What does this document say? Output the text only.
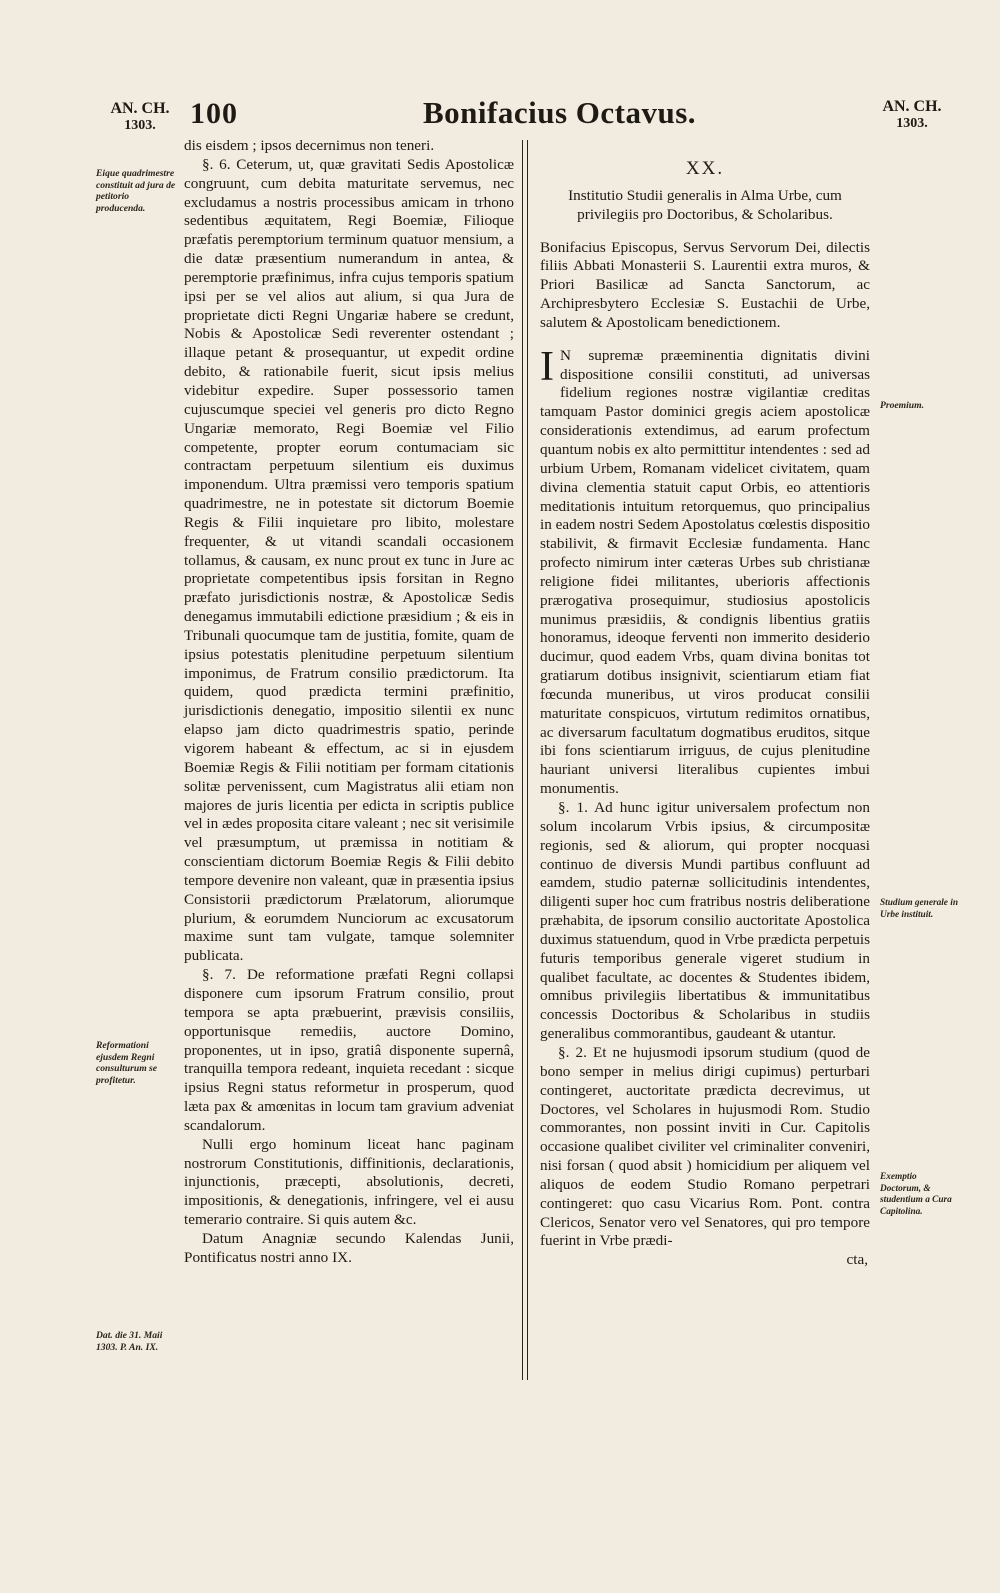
AN. CH.
1303.	100	Bonifacius Octavus.	AN. CH.
1303.
Eique quadrimestre constituit ad jura de petitorio producenda.
Reformationi ejusdem Regni consulturum se profitetur.
Dat. die 31. Maii 1303. P. An. IX.

dis eisdem ; ipsos decernimus non teneri.

§. 6. Ceterum, ut, quæ gravitati Sedis Apostolicæ congruunt, cum debita maturitate servemus, nec excludamus a nostris processibus amicam in trhono sedentibus æquitatem, Regi Boemiæ, Filioque præfatis peremptorium terminum quatuor mensium, a die datæ præsentium numerandum in antea, & peremptorie præfinimus, infra cujus temporis spatium ipsi per se vel alios aut alium, si qua Jura de proprietate dicti Regni Ungariæ habere se credunt, Nobis & Apostolicæ Sedi reverenter ostendant ; illaque petant & prosequantur, ut expedit ordine debito, & rationabile fuerit, sicut ipsis melius videbitur expedire. Super possessorio tamen cujuscumque speciei vel generis pro dicto Regno Ungariæ memorato, Regi Boemiæ vel Filio competente, propter eorum contumaciam sic contractam perpetuum silentium eis duximus imponendum. Ultra præmissi vero temporis spatium quadrimestre, ne in potestate sit dictorum Boemie Regis & Filii inquietare pro libito, molestare frequenter, & ut vitandi scandali occasionem tollamus, & causam, ex nunc prout ex tunc in Jure ac proprietate competentibus ipsis forsitan in Regno præfato jurisdictionis nostræ, & Apostolicæ Sedis denegamus immutabili edictione præsidium ; & eis in Tribunali quocumque tam de justitia, fomite, quam de ipsius potestatis plenitudine perpetuum silentium imponimus, de Fratrum consilio prædictorum. Ita quidem, quod prædicta termini præfinitio, jurisdictionis denegatio, impositio silentii ex nunc elapso jam dicto quadrimestris spatio, perinde vigorem habeant & effectum, ac si in ejusdem Boemiæ Regis & Filii notitiam per formam citationis solitæ pervenissent, cum Magistratus alii etiam non majores de juris licentia per edicta in scriptis publice vel in ædes proposita citare valeant ; nec sit verisimile vel præsumptum, ut præmissa in notitiam & conscientiam dictorum Boemiæ Regis & Filii debito tempore devenire non valeant, quæ in præsentia ipsius Consistorii prædictorum Prælatorum, aliorumque plurium, & eorumdem Nunciorum ac excusatorum maxime sunt tam vulgate, tamque solemniter publicata.

§. 7. De reformatione præfati Regni collapsi disponere cum ipsorum Fratrum consilio, prout tempora se apta præbuerint, prævisis consiliis, opportunisque remediis, auctore Domino, proponentes, ut in ipso, gratiâ disponente supernâ, tranquilla tempora redeant, inquieta recedant : sicque ipsius Regni status reformetur in prosperum, quod læta pax & amœnitas in locum tam gravium adveniat scandalorum.

Nulli ergo hominum liceat hanc paginam nostrorum Constitutionis, diffinitionis, declarationis, injunctionis, præcepti, absolutionis, decreti, impositionis, & denegationis, infringere, vel ei ausu temerario contraire. Si quis autem &c.

Datum Anagniæ secundo Kalendas Junii, Pontificatus nostri anno IX.

XX.
Institutio Studii generalis in Alma Urbe, cum privilegiis pro Doctoribus, & Scholaribus.

Bonifacius Episcopus, Servus Servorum Dei, dilectis filiis Abbati Monasterii S. Laurentii extra muros, & Priori Basilicæ ad Sancta Sanctorum, ac Archipresbytero Ecclesiæ S. Eustachii de Urbe, salutem & Apostolicam benedictionem.

I N supremæ præeminentia dignitatis divini dispositione consilii constituti, ad universas fidelium regiones nostræ vigilantiæ creditas tamquam Pastor dominici gregis aciem apostolicæ considerationis extendimus, ad earum profectum quantum nobis ex alto permittitur intendentes : sed ad urbium Urbem, Romanam videlicet civitatem, quam divina clementia statuit caput Orbis, eo attentioris meditationis intuitum retorquemus, quo principalius in eadem nostri Sedem Apostolatus cœlestis dispositio stabilivit, & firmavit Ecclesiæ fundamenta. Hanc profecto nimirum inter cæteras Urbes sub christianæ religione fidei militantes, uberioris affectionis prærogativa prosequimur, studiosius apostolicis munimus præsidiis, & condignis libentius gratiis honoramus, ideoque ferventi non immerito desiderio ducimur, quod eadem Vrbs, quam divina bonitas tot gratiarum dotibus insignivit, scientiarum etiam fiat fœcunda muneribus, ut viros producat consilii maturitate conspicuos, virtutum redimitos ornatibus, ac diversarum facultatum dogmatibus eruditos, sitque ibi fons scientiarum irriguus, de cujus plenitudine hauriant universi literalibus cupientes imbui monumentis.

§. 1. Ad hunc igitur universalem profectum non solum incolarum Vrbis ipsius, & circumpositæ regionis, sed & aliorum, qui propter nocquasi continuo de diversis Mundi partibus confluunt ad eamdem, studio paternæ sollicitudinis intendentes, diligenti super hoc cum fratribus nostris deliberatione præhabita, de ipsorum consilio auctoritate Apostolica duximus statuendum, quod in Vrbe prædicta perpetuis futuris temporibus generale vigeret studium in qualibet facultate, ac docentes & Studentes ibidem, omnibus privilegiis libertatibus & immunitatibus concessis Doctoribus & Scholaribus in studiis generalibus commorantibus, gaudeant & utantur.

§. 2. Et ne hujusmodi ipsorum studium (quod de bono semper in melius dirigi cupimus) perturbari contingeret, auctoritate prædicta decrevimus, ut Doctores, vel Scholares in hujusmodi Rom. Studio commorantes, non possint inviti in Cur. Capitolis occasione qualibet civiliter vel criminaliter conveniri, nisi forsan ( quod absit ) homicidium per aliquem vel aliquos de eodem Studio Romano perpetrari contingeret: quo casu Vicarius Rom. Pont. contra Clericos, Senator vero vel Senatores, qui pro tempore fuerint in Vrbe prædi-

cta,
Proemium.
Studium generale in Urbe instituit.
Exemptio Doctorum, & studentium a Cura Capitolina.
